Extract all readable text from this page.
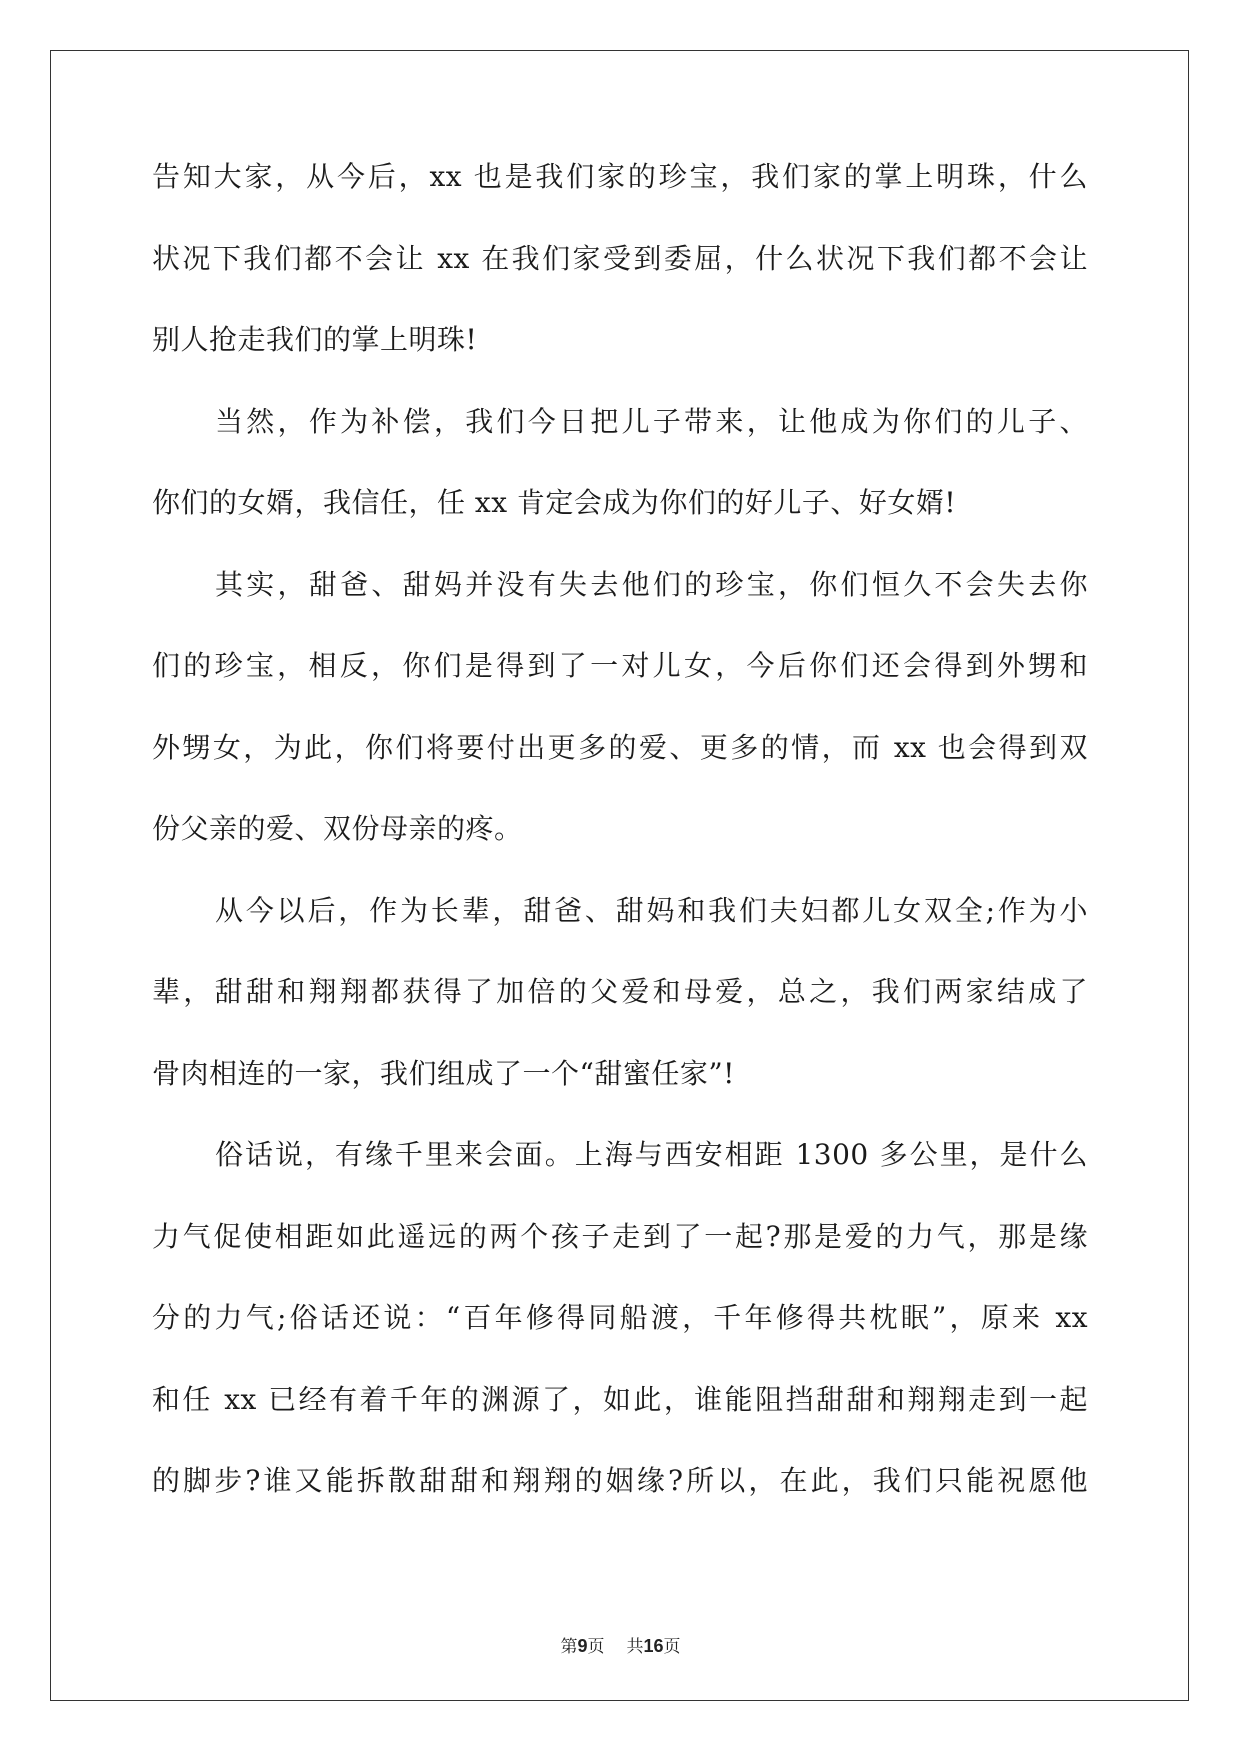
告知大家，从今后，xx 也是我们家的珍宝，我们家的掌上明珠，什么
状况下我们都不会让 xx 在我们家受到委屈，什么状况下我们都不会让
别人抢走我们的掌上明珠!
当然，作为补偿，我们今日把儿子带来，让他成为你们的儿子、
你们的女婿，我信任，任 xx 肯定会成为你们的好儿子、好女婿!
其实，甜爸、甜妈并没有失去他们的珍宝，你们恒久不会失去你
们的珍宝，相反，你们是得到了一对儿女，今后你们还会得到外甥和
外甥女，为此，你们将要付出更多的爱、更多的情，而 xx 也会得到双
份父亲的爱、双份母亲的疼。
从今以后，作为长辈，甜爸、甜妈和我们夫妇都儿女双全;作为小
辈，甜甜和翔翔都获得了加倍的父爱和母爱，总之，我们两家结成了
骨肉相连的一家，我们组成了一个“甜蜜任家”!
俗话说，有缘千里来会面。上海与西安相距 1300 多公里，是什么
力气促使相距如此遥远的两个孩子走到了一起?那是爱的力气，那是缘
分的力气;俗话还说：“百年修得同船渡，千年修得共枕眠”，原来 xx
和任 xx 已经有着千年的渊源了，如此，谁能阻挡甜甜和翔翔走到一起
的脚步?谁又能拆散甜甜和翔翔的姻缘?所以，在此，我们只能祝愿他
第9页 共16页
